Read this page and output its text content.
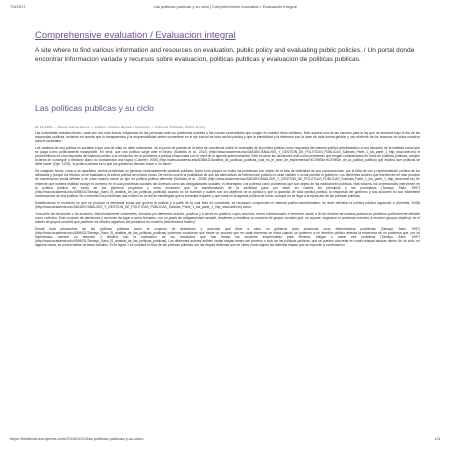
7/9/2017	Las politicas publicas y su ciclo | Comprehensive evaluation / Evaluación integral
Comprehensive evaluation / Evaluacion integral
A site where to find various information and resources on evaluation, public policy and evaluating public policies. / Un portal donde encontrar informacion variada y recursos sobre evaluacion, politicas publicas y evaluacion de politicas publicas.
Las politicas publicas y su ciclo
21.02.2015 — Daniel Garcia Perez — Artikan / Artikan Review / Resumen — Politicas Publicas, Public Policy

Las sociedades actuales tienen, cada vez con más fuerza, exigencias de las personas ante los problemas sociales y las nuevas necesidades que surgen en nuestro ritmo cotidiano. Esto supone una de las razones para la ley que se enmarca bajo el día de las respuestas públicas, teniendo en cuenta que la transparencia y la responsabilidad deben convertirse en el eje troncal de toda acción pública y que la efectividad y la eficiencia son la base de toda buena gestión y uso eficiente de los recursos de todos nosotros para el ciudadano.

Los cambios de una política es sociales a que una de ellas no debe extenderse, es el punto de partida de la toma de conciencia sobre la necesidad de la política pública como respuesta del sistema político-administrativo a una situación de la realidad social que se juzga como políticamente inaceptable. En decir, que una política surge ante el hecho (Subirats et al., 2012) (http://www.academia.edu/3481807/ANALISIS_Y_GESTION_DE_POLITICAS_PUBLICAS_Subirats_Parte_1_los_parte_1_http_www.ariel.es) el procedimiento es una respuesta del sistema político a la resolución de un problema a política relacionada con el nivel de la agenda gubernamental. Este es tanto las decisiones más como problemas que tengan consideración en tema de políticas públicas, aunque la tarea de conseguir a mediano plazo no consideraba una lógica (Colomer, 2000) (http://www.academia.edu/6386411/Analisis_de_politicas_publicas_cual_es_el_nivel_de_implementaci%C3%B3n%C3%B3n_de_la_politica_publica) que implica 'que políticas se debe hacer' (Dye, 1976): 'la política pública es lo que los gobiernos deciden hacer o no hacer'.

De cualquier forma, como a se apuntaba, ciertos problemas no generan necesariamente políticas públicas, sobre todo porque no todos los problemas son objeto de la lista de visibilidad de sus consecuencias, por la falta de voz y representación política de los afectados y porque los efectos no se trasladan a la esfera política del mismo modo. De hecho ocurre la posibilidad de que las alternativas de intervención pública no sean visibles o no las percibe el gobierno. Los diferentes actores que intervienen en este proceso de construcción social definen y en cada modelo existe un tipo de política pública diferente (Subirats et al., 2008) (http://www.academia.edu/3481807/ANALISIS_Y_GESTION_DE_POLITICAS_PUBLICAS_Subirats_Parte_1_los_parte_1_http_www.ariel.es) Se entiende que nuestra realidad incluye el contexto en el cual problemas sociales tan diversos como las desigualdades sociales, el desempleo o la pobreza como problemas que son objeto de las instituciones públicas. Más todavía, los profesionales intervienen en la política pública de fondo en los primeros proyectos y sería necesario que la transformación de la sociedad pase por tener en cuenta los principios y las prioridades (Tamayo Sáez, 1997) (http://www.academia.edu/4098431/Tamayo_Saez_El_analisis_de_las_politicas_publicas) cuando no se cuentan y cuáles son los objetivos de la política y que la garantía de toda política pública, la respuesta del gobierno y sus acciones no son totalmente consecuencia de una política. Se convierten los problemas que existen en la red de estrategias que la sociedad requiere y que toma en la agenda política de fondo, aunque no se llega a la ejecución de las políticas públicas.

Estableciendo el momento en que se produce la demanda social que genera la política y a partir de la cual ésta es concebida, es necesario comprender el sistema político-administrativo, es decir delimitar la política pública siguiendo a (Subirats, 2008) (http://www.academia.edu/3481807/ANALISIS_Y_GESTION_DE_POLITICAS_PUBLICAS_Subirats_Parte_1_los_parte_1_http_www.ariel.es) como:

"una serie de decisiones o de acciones, intencionalmente coherentes, tomadas por diferentes actores, públicos y a veces no públicos cuyos recursos, nexos institucionales e intereses varían a fin de resolver de manera puntual un problema políticamente definido como colectivo. Este conjunto de decisiones y acciones da lugar a actos formales, con un grado de obligatoriedad variable, tendentes a modificar la conducta de grupos sociales que, se supone, originaron el problema colectivo a resolver (grupos-objetivo), en el interés de grupos sociales que padecen los efectos negativos del problema en cuestión (beneficiarios finales)".

Desde esta perspectiva de las políticas públicas como el conjunto de decisiones y acciones que lleva a cabo un gobierno para solucionar unos determinados problemas (Tamayo Sáez, 1997) (http://www.academia.edu/4098431/Tamayo_Saez_El_analisis_de_las_politicas_publicas) podemos considerar que existe un proceso que en cada momento se inicia cuando un gobierno a un directivo público detecta la existencia de un problema que, por su importancia, merece su atención y termina con la evaluación de los resultados que han tenido las acciones emprendidas para eliminar, mitigar o variar ese problema (Tamayo Sáez, 1997) (http://www.academia.edu/4098431/Tamayo_Saez_El_analisis_de_las_politicas_publicas). Los diferentes autores definen varias etapas dentro del proceso o ciclo de las políticas públicas, que se pueden concretar en cuatro etapas básicas dentro de un ciclo, en algunos casos, se podría hablar de fases iniciales. En la figura 1 se muestra el ciclo de las políticas públicas con las etapas definidas que en cierto modo siguen las distintas etapas que se exponen a continuación.

https://totaleval.wordpress.com/2015/02/21/las-politicas-publicas-y-su-ciclo/	1/3
